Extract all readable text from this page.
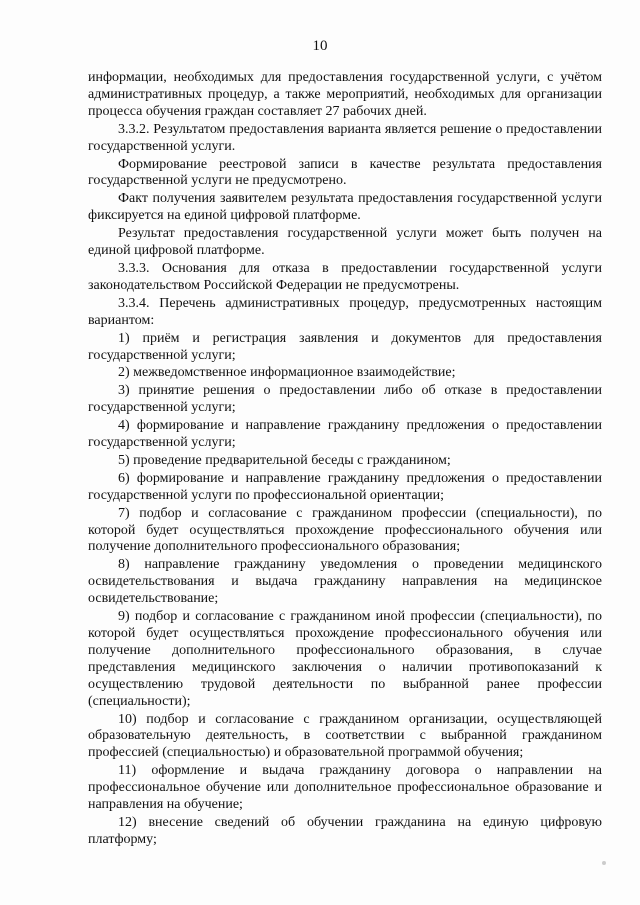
10

информации, необходимых для предоставления государственной услуги, с учётом административных процедур, а также мероприятий, необходимых для организации процесса обучения граждан составляет 27 рабочих дней.

3.3.2. Результатом предоставления варианта является решение о предоставлении государственной услуги.

Формирование реестровой записи в качестве результата предоставления государственной услуги не предусмотрено.

Факт получения заявителем результата предоставления государственной услуги фиксируется на единой цифровой платформе.

Результат предоставления государственной услуги может быть получен на единой цифровой платформе.

3.3.3. Основания для отказа в предоставлении государственной услуги законодательством Российской Федерации не предусмотрены.

3.3.4. Перечень административных процедур, предусмотренных настоящим вариантом:

1) приём и регистрация заявления и документов для предоставления государственной услуги;

2) межведомственное информационное взаимодействие;

3) принятие решения о предоставлении либо об отказе в предоставлении государственной услуги;

4) формирование и направление гражданину предложения о предоставлении государственной услуги;

5) проведение предварительной беседы с гражданином;

6) формирование и направление гражданину предложения о предоставлении государственной услуги по профессиональной ориентации;

7) подбор и согласование с гражданином профессии (специальности), по которой будет осуществляться прохождение профессионального обучения или получение дополнительного профессионального образования;

8) направление гражданину уведомления о проведении медицинского освидетельствования и выдача гражданину направления на медицинское освидетельствование;

9) подбор и согласование с гражданином иной профессии (специальности), по которой будет осуществляться прохождение профессионального обучения или получение дополнительного профессионального образования, в случае представления медицинского заключения о наличии противопоказаний к осуществлению трудовой деятельности по выбранной ранее профессии (специальности);

10) подбор и согласование с гражданином организации, осуществляющей образовательную деятельность, в соответствии с выбранной гражданином профессией (специальностью) и образовательной программой обучения;

11) оформление и выдача гражданину договора о направлении на профессиональное обучение или дополнительное профессиональное образование и направления на обучение;

12) внесение сведений об обучении гражданина на единую цифровую платформу;
